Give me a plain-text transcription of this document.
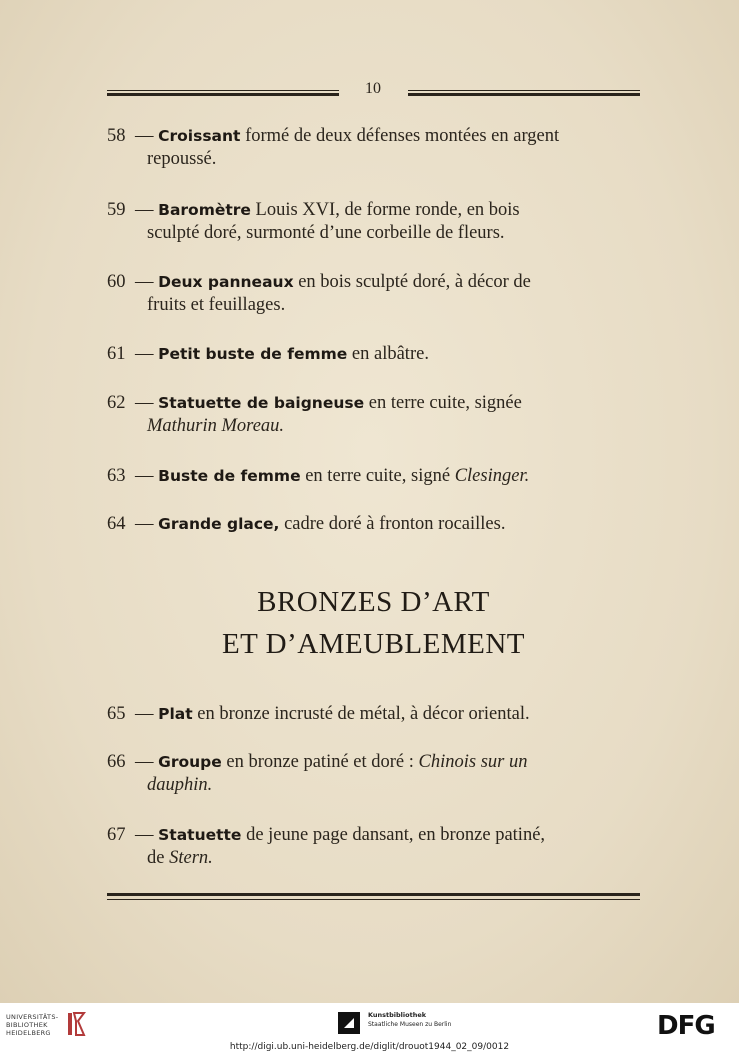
10
58 — Croissant formé de deux défenses montées en argent
repoussé.
59 — Baromètre Louis XVI, de forme ronde, en bois
sculpté doré, surmonté d’une corbeille de fleurs.
60 — Deux panneaux en bois sculpté doré, à décor de
fruits et feuillages.
61 — Petit buste de femme en albâtre.
62 — Statuette de baigneuse en terre cuite, signée
Mathurin Moreau.
63 — Buste de femme en terre cuite, signé Clesinger.
64 — Grande glace, cadre doré à fronton rocailles.
BRONZES D’ART
ET D’AMEUBLEMENT
65 — Plat en bronze incrusté de métal, à décor oriental.
66 — Groupe en bronze patiné et doré : Chinois sur un
dauphin.
67 — Statuette de jeune page dansant, en bronze patiné,
de Stern.
UNIVERSITÄTS-
BIBLIOTHEK
HEIDELBERG
Kunstbibliothek
Staatliche Museen zu Berlin	DFG
http://digi.ub.uni-heidelberg.de/diglit/drouot1944_02_09/0012
